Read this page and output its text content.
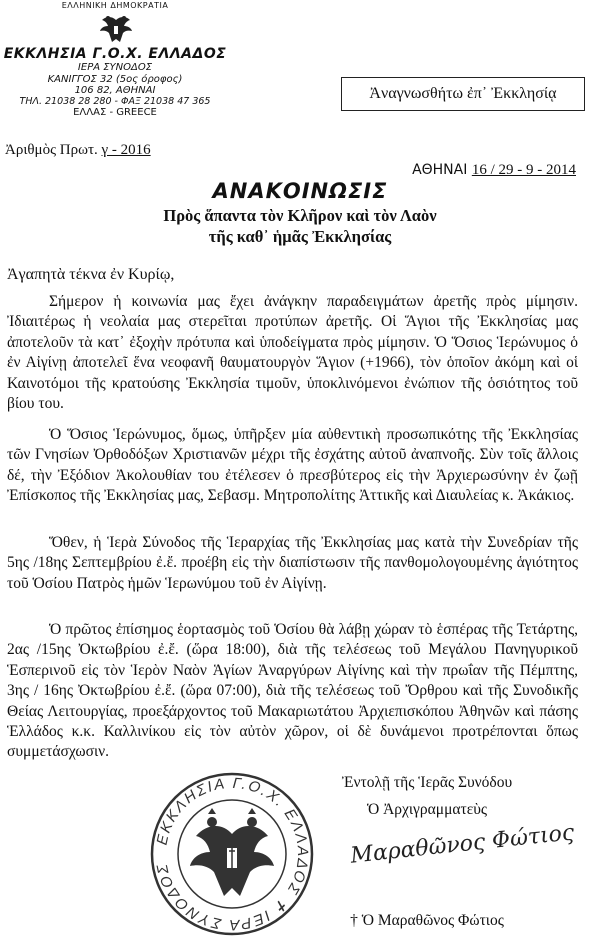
ΕΛΛΗΝΙΚΗ ΔΗΜΟΚΡΑΤΙΑ
ΕΚΚΛΗΣΙΑ Γ.Ο.Χ. ΕΛΛΑΔΟΣ
ΙΕΡΑ ΣΥΝΟΔΟΣ
ΚΑΝΙΓΓΟΣ 32 (5ος όροφος)
106 82, ΑΘΗΝΑΙ
ΤΗΛ. 21038 28 280 - ΦΑΞ 21038 47 365
ΕΛΛΑΣ - GREECE
Ἀναγνωσθήτω ἐπ᾽ Ἐκκλησίᾳ
Ἀριθμὸς Πρωτ. γ - 2016
ΑΘΗΝΑΙ 16 / 29 - 9 - 2014
ΑΝΑΚΟΙΝΩΣΙΣ
Πρὸς ἅπαντα τὸν Κλῆρον καὶ τὸν Λαὸν
τῆς καθ᾽ ἡμᾶς Ἐκκλησίας
Ἀγαπητὰ τέκνα ἐν Κυρίῳ,
Σήμερον ἡ κοινωνία μας ἔχει ἀνάγκην παραδειγμάτων ἀρετῆς πρὸς μίμησιν. Ἰδιαιτέρως ἡ νεολαία μας στερεῖται προτύπων ἀρετῆς. Οἱ Ἅγιοι τῆς Ἐκκλησίας μας ἀποτελοῦν τὰ κατ᾽ ἐξοχὴν πρότυπα καὶ ὑποδείγματα πρὸς μίμησιν. Ὁ Ὅσιος Ἱερώνυμος ὁ ἐν Αἰγίνῃ ἀποτελεῖ ἕνα νεοφανῆ θαυματουργὸν Ἅγιον (+1966), τὸν ὁποῖον ἀκόμη καὶ οἱ Καινοτόμοι τῆς κρατούσης Ἐκκλησία τιμοῦν, ὑποκλινόμενοι ἐνώπιον τῆς ὁσιότητος τοῦ βίου του.
Ὁ Ὅσιος Ἱερώνυμος, ὅμως, ὑπῆρξεν μία αὐθεντικὴ προσωπικότης τῆς Ἐκκλησίας τῶν Γνησίων Ὀρθοδόξων Χριστιανῶν μέχρι τῆς ἐσχάτης αὐτοῦ ἀναπνοῆς. Σὺν τοῖς ἄλλοις δέ, τὴν Ἐξόδιον Ἀκολουθίαν του ἐτέλεσεν ὁ πρεσβύτερος εἰς τὴν Ἀρχιερωσύνην ἐν ζωῇ Ἐπίσκοπος τῆς Ἐκκλησίας μας, Σεβασμ. Μητροπολίτης Ἀττικῆς καὶ Διαυλείας κ. Ἀκάκιος.
Ὅθεν, ἡ Ἱερὰ Σύνοδος τῆς Ἱεραρχίας τῆς Ἐκκλησίας μας κατὰ τὴν Συνεδρίαν τῆς 5ης /18ης Σεπτεμβρίου ἐ.ἔ. προέβη εἰς τὴν διαπίστωσιν τῆς πανθομολογουμένης ἁγιότητος τοῦ Ὁσίου Πατρὸς ἡμῶν Ἱερωνύμου τοῦ ἐν Αἰγίνῃ.
Ὁ πρῶτος ἐπίσημος ἑορτασμὸς τοῦ Ὁσίου θὰ λάβῃ χώραν τὸ ἑσπέρας τῆς Τετάρτης, 2ας /15ης Ὀκτωβρίου ἐ.ἔ. (ὥρα 18:00), διὰ τῆς τελέσεως τοῦ Μεγάλου Πανηγυρικοῦ Ἑσπερινοῦ εἰς τὸν Ἱερὸν Ναὸν Ἁγίων Ἀναργύρων Αἰγίνης καὶ τὴν πρωΐαν τῆς Πέμπτης, 3ης / 16ης Ὀκτωβρίου ἐ.ἔ. (ὥρα 07:00), διὰ τῆς τελέσεως τοῦ Ὄρθρου καὶ τῆς Συνοδικῆς Θείας Λειτουργίας, προεξάρχοντος τοῦ Μακαριωτάτου Ἀρχιεπισκόπου Ἀθηνῶν καὶ πάσης Ἑλλάδος κ.κ. Καλλινίκου εἰς τὸν αὐτὸν χῶρον, οἱ δὲ δυνάμενοι προτρέπονται ὅπως συμμετάσχωσιν.
ΕΚΚΛΗΣΙΑ Γ.Ο.Χ. ΕΛΛΑΔΟΣ ✝ ΙΕΡΑ ΣΥΝΟΔΟΣ
Ἐντολῇ τῆς Ἱερᾶς Συνόδου
Ὁ Ἀρχιγραμματεὺς
Μαραθῶνος Φώτιος
† Ὁ Μαραθῶνος Φώτιος
